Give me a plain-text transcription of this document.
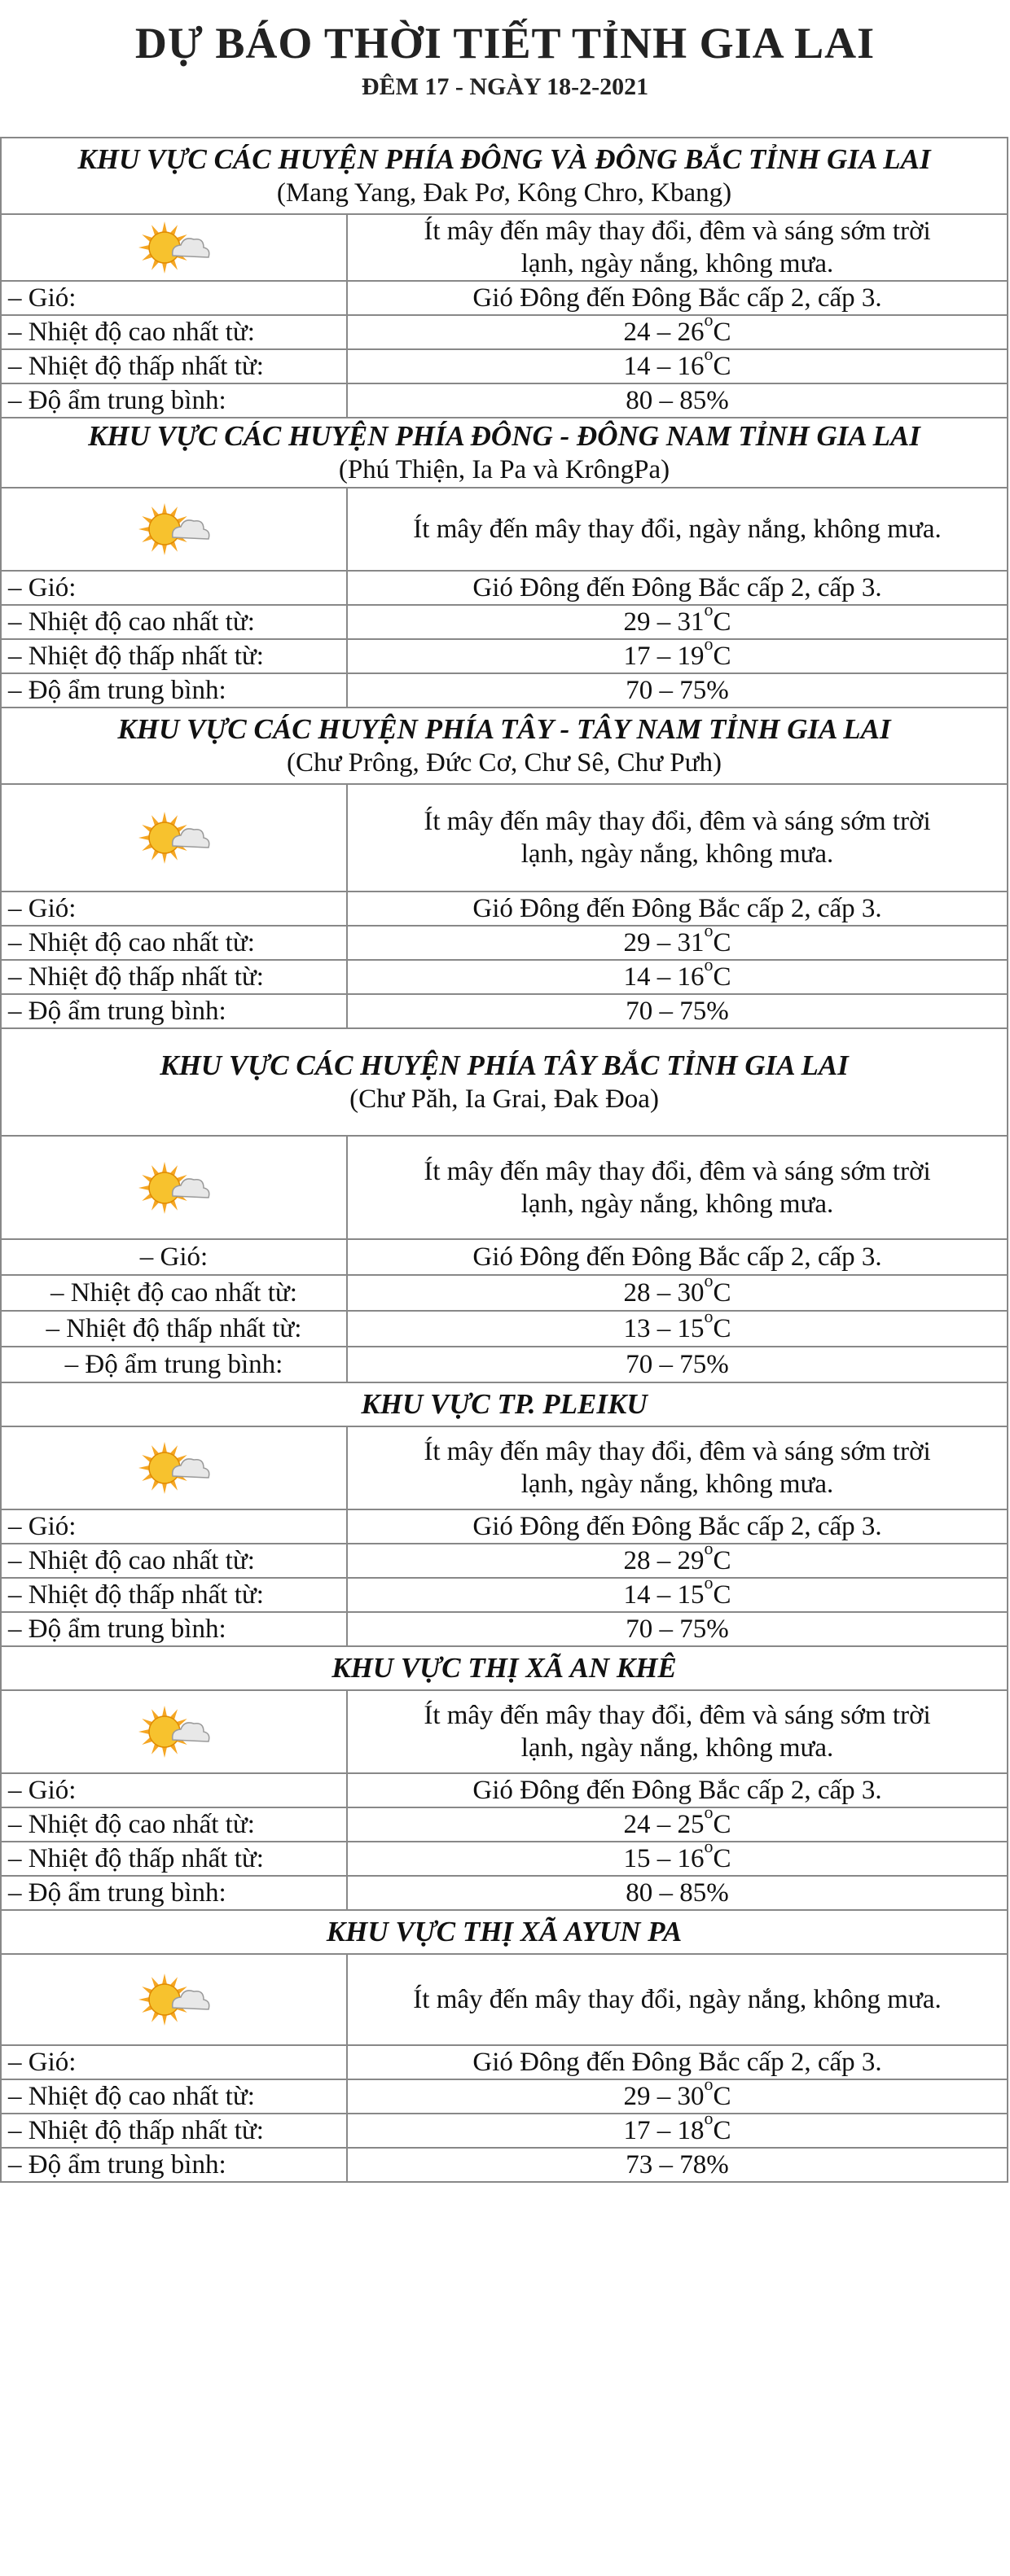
DỰ BÁO THỜI TIẾT TỈNH GIA LAI
ĐÊM 17 - NGÀY 18-2-2021
KHU VỰC CÁC HUYỆN PHÍA ĐÔNG VÀ ĐÔNG BẮC TỈNH GIA LAI
(Mang Yang, Đak Pơ, Kông Chro, Kbang)	
	Ít mây đến mây thay đổi, đêm và sáng sớm trời
lạnh, ngày nắng, không mưa.
– Gió:	Gió Đông đến Đông Bắc cấp 2, cấp 3.
– Nhiệt độ cao nhất từ:	24 – 26$^o$C
– Nhiệt độ thấp nhất từ:	14 – 16$^o$C
– Độ ẩm trung bình:	80 – 85%
KHU VỰC CÁC HUYỆN PHÍA ĐÔNG - ĐÔNG NAM TỈNH GIA LAI
(Phú Thiện, Ia Pa và KrôngPa)	
	Ít mây đến mây thay đổi, ngày nắng, không mưa.
– Gió:	Gió Đông đến Đông Bắc cấp 2, cấp 3.
– Nhiệt độ cao nhất từ:	29 – 31$^o$C
– Nhiệt độ thấp nhất từ:	17 – 19$^o$C
– Độ ẩm trung bình:	70 – 75%
KHU VỰC CÁC HUYỆN PHÍA TÂY - TÂY NAM TỈNH GIA LAI
(Chư Prông, Đức Cơ, Chư Sê, Chư Pưh)	
	Ít mây đến mây thay đổi, đêm và sáng sớm trời
lạnh, ngày nắng, không mưa.
– Gió:	Gió Đông đến Đông Bắc cấp 2, cấp 3.
– Nhiệt độ cao nhất từ:	29 – 31$^o$C
– Nhiệt độ thấp nhất từ:	14 – 16$^o$C
– Độ ẩm trung bình:	70 – 75%
KHU VỰC CÁC HUYỆN PHÍA TÂY BẮC TỈNH GIA LAI
(Chư Păh, Ia Grai, Đak Đoa)	
	Ít mây đến mây thay đổi, đêm và sáng sớm trời
lạnh, ngày nắng, không mưa.
– Gió:	Gió Đông đến Đông Bắc cấp 2, cấp 3.
– Nhiệt độ cao nhất từ:	28 – 30$^o$C
– Nhiệt độ thấp nhất từ:	13 – 15$^o$C
– Độ ẩm trung bình:	70 – 75%
KHU VỰC TP. PLEIKU	
	Ít mây đến mây thay đổi, đêm và sáng sớm trời
lạnh, ngày nắng, không mưa.
– Gió:	Gió Đông đến Đông Bắc cấp 2, cấp 3.
– Nhiệt độ cao nhất từ:	28 – 29$^o$C
– Nhiệt độ thấp nhất từ:	14 – 15$^o$C
– Độ ẩm trung bình:	70 – 75%
KHU VỰC THỊ XÃ AN KHÊ	
	Ít mây đến mây thay đổi, đêm và sáng sớm trời
lạnh, ngày nắng, không mưa.
– Gió:	Gió Đông đến Đông Bắc cấp 2, cấp 3.
– Nhiệt độ cao nhất từ:	24 – 25$^o$C
– Nhiệt độ thấp nhất từ:	15 – 16$^o$C
– Độ ẩm trung bình:	80 – 85%
KHU VỰC THỊ XÃ AYUN PA	
	Ít mây đến mây thay đổi, ngày nắng, không mưa.
– Gió:	Gió Đông đến Đông Bắc cấp 2, cấp 3.
– Nhiệt độ cao nhất từ:	29 – 30$^o$C
– Nhiệt độ thấp nhất từ:	17 – 18$^o$C
– Độ ẩm trung bình:	73 – 78%
